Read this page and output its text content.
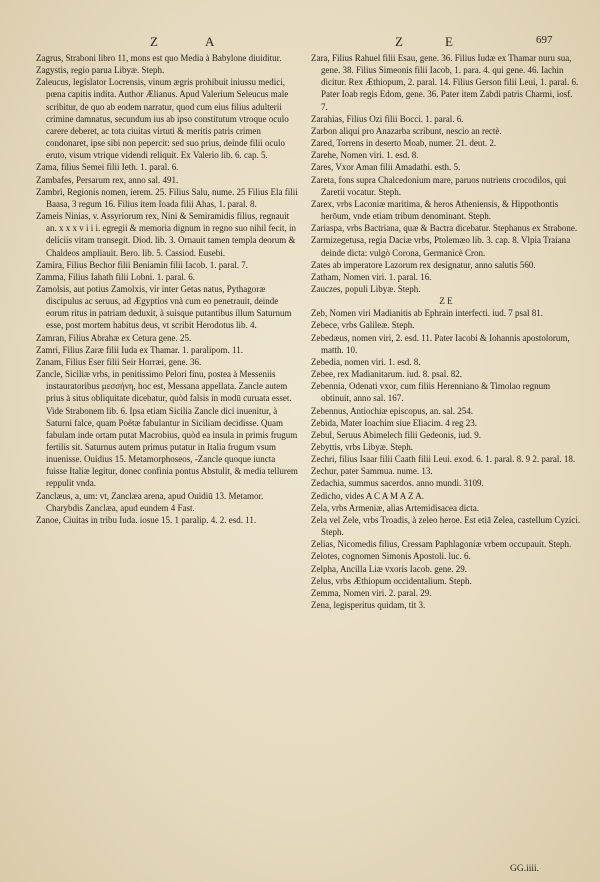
Z	A	Z	E	697

Zagrus, Straboni libro 11, mons est quo Media à Babylone diuiditur.

Zagystis, regio parua Libyæ. Steph.

Zaleucus, legislator Locrensis, vinum ægris prohibuit iniussu medici, pœna capitis indita. Author Ælianus. Apud Valerium Seleucus male scribitur, de quo ab eodem narratur, quod cum eius filius adulterii crimine damnatus, secundum ius ab ipso constitutum vtroque oculo carere deberet, ac tota ciuitas virtuti & meritis patris crimen condonaret, ipse sibi non pepercit: sed suo prius, deinde filii oculo eruto, visum vtrique videndi reliquit. Ex Valerio lib. 6. cap. 5.

Zama, filius Semei filii Ieth. 1. paral. 6.

Zambafes, Persarum rex, anno sal. 491.

Zambri, Regionis nomen, ierem. 25. Filius Salu, nume. 25 Filius Ela filii Baasa, 3 regum 16. Filius item Ioada filii Ahas, 1. paral. 8.

Zameis Ninias, v. Assyriorum rex, Nini & Semiramidis filius, regnauit an. x x x v i i i. egregii & memoria dignum in regno suo nihil fecit, in deliciis vitam transegit. Diod. lib. 3. Ornauit tamen templa deorum & Chaldeos ampliauit. Bero. lib. 5. Cassiod. Eusebi.

Zamira, Filius Bechor filii Beniamin filii Iacob. 1. paral. 7.

Zamma, Filius Iahath filii Lobni. 1. paral. 6.

Zamolsis, aut potius Zamolxis, vir inter Getas natus, Pythagoræ discipulus ac seruus, ad Ægyptios vnà cum eo penetrauit, deinde eorum ritus in patriam deduxit, à suisque putantibus illum Saturnum esse, post mortem habitus deus, vt scribit Herodotus lib. 4.

Zamran, Filius Abrahæ ex Cetura gene. 25.

Zamri, Filius Zaræ filii Iuda ex Thamar. 1. paralipom. 11.

Zanam, Filius Eser filii Seir Horræi, gene. 36.

Zancle, Siciliæ vrbs, in penitissimo Pelori finu, postea à Messeniis instauratoribus μεσσήνη, hoc est, Messana appellata. Zancle autem prius à situs obliquitate dicebatur, quòd falsis in modū curuata esset. Vide Strabonem lib. 6. Ipsa etiam Sicilia Zancle dici inuenitur, à Saturni falce, quam Poëtæ fabulantur in Siciliam decidisse. Quam fabulam inde ortam putat Macrobius, quòd ea insula in primis frugum fertilis sit. Saturnus autem primus putatur in Italia frugum vsum inuenisse. Ouidius 15. Metamorphoseos, -Zancle quoque iuncta fuisse Italiæ legitur, donec confinia pontus Abstulit, & media tellurem reppulit vnda.

Zanclæus, a, um: vt, Zanclæa arena, apud Ouidiū 13. Metamor. Charybdis Zanclæa, apud eundem 4 Fast.

Zanoe, Ciuitas in tribu Iuda. iosue 15. 1 paralip. 4. 2. esd. 11.

Zara, Filius Rahuel filii Esau, gene. 36. Filius Iudæ ex Thamar nuru sua, gene. 38. Filius Simeonis filii Iacob, 1. para. 4. qui gene. 46. Iachin dicitur. Rex Æthiopum, 2. paral. 14. Filius Gerson filii Leui, 1. paral. 6. Pater Ioab regis Edom, gene. 36. Pater item Zabdi patris Charmi, iosf. 7.

Zarahias, Filius Ozi filii Bocci. 1. paral. 6.

Zarbon aliqui pro Anazarba scribunt, nescio an rectè.

Zared, Torrens in deserto Moab, numer. 21. deut. 2.

Zarehe, Nomen viri. 1. esd. 8.

Zares, Vxor Aman filii Amadathi. esth. 5.

Zareta, fons supra Chalcedonium mare, paruos nutriens crocodilos, qui Zaretii vocatur. Steph.

Zarex, vrbs Laconiæ maritima, & heros Atheniensis, & Hippothontis herōum, vnde etiam tribum denominant. Steph.

Zariaspa, vrbs Bactriana, quæ & Bactra dicebatur. Stephanus ex Strabone.

Zarmizegetusa, regia Daciæ vrbs, Ptolemæo lib. 3. cap. 8. Vlpia Traiana deinde dicta: vulgò Corona, Germanicè Cron.

Zates ab imperatore Lazorum rex designatur, anno salutis 560.

Zatham, Nomen viri. 1. paral. 16.

Zauczes, populi Libyæ. Steph.

Z E

Zeb, Nomen viri Madianitis ab Ephrain interfecti. iud. 7 psal 81.

Zebece, vrbs Galileæ. Steph.

Zebedæus, nomen viri, 2. esd. 11. Pater Iacobi & Iohannis apostolorum, matth. 10.

Zebedia, nomen viri. 1. esd. 8.

Zebee, rex Madianitarum. iud. 8. psal. 82.

Zebennia, Odenati vxor, cum filiis Herenniano & Timolao regnum obtinuit, anno sal. 167.

Zebennus, Antiochiæ episcopus, an. sal. 254.

Zebida, Mater Ioachim siue Eliacim. 4 reg 23.

Zebul, Seruus Abimelech filii Gedeonis, iud. 9.

Zebyttis, vrbs Libyæ. Steph.

Zechri, filius Isaar filii Caath filii Leui. exod. 6. 1. paral. 8. 9 2. paral. 18.

Zechur, pater Sammua. nume. 13.

Zedachia, summus sacerdos. anno mundi. 3109.

Zedicho, vides A C A M A Z A.

Zela, vrbs Armeniæ, alias Artemidisacea dicta.

Zela vel Zele, vrbs Troadis, à zeleo heroe. Est etiā Zelea, castellum Cyzici. Steph.

Zelias, Nicomedis filius, Cressam Paphlagoniæ vrbem occupauit. Steph.

Zelotes, cognomen Simonis Apostoli. luc. 6.

Zelpha, Ancilla Liæ vxoris Iacob. gene. 29.

Zelus, vrbs Æthiopum occidentalium. Steph.

Zemma, Nomen viri. 2. paral. 29.

Zena, legisperitus quidam, tit 3.

GG.iiii.
